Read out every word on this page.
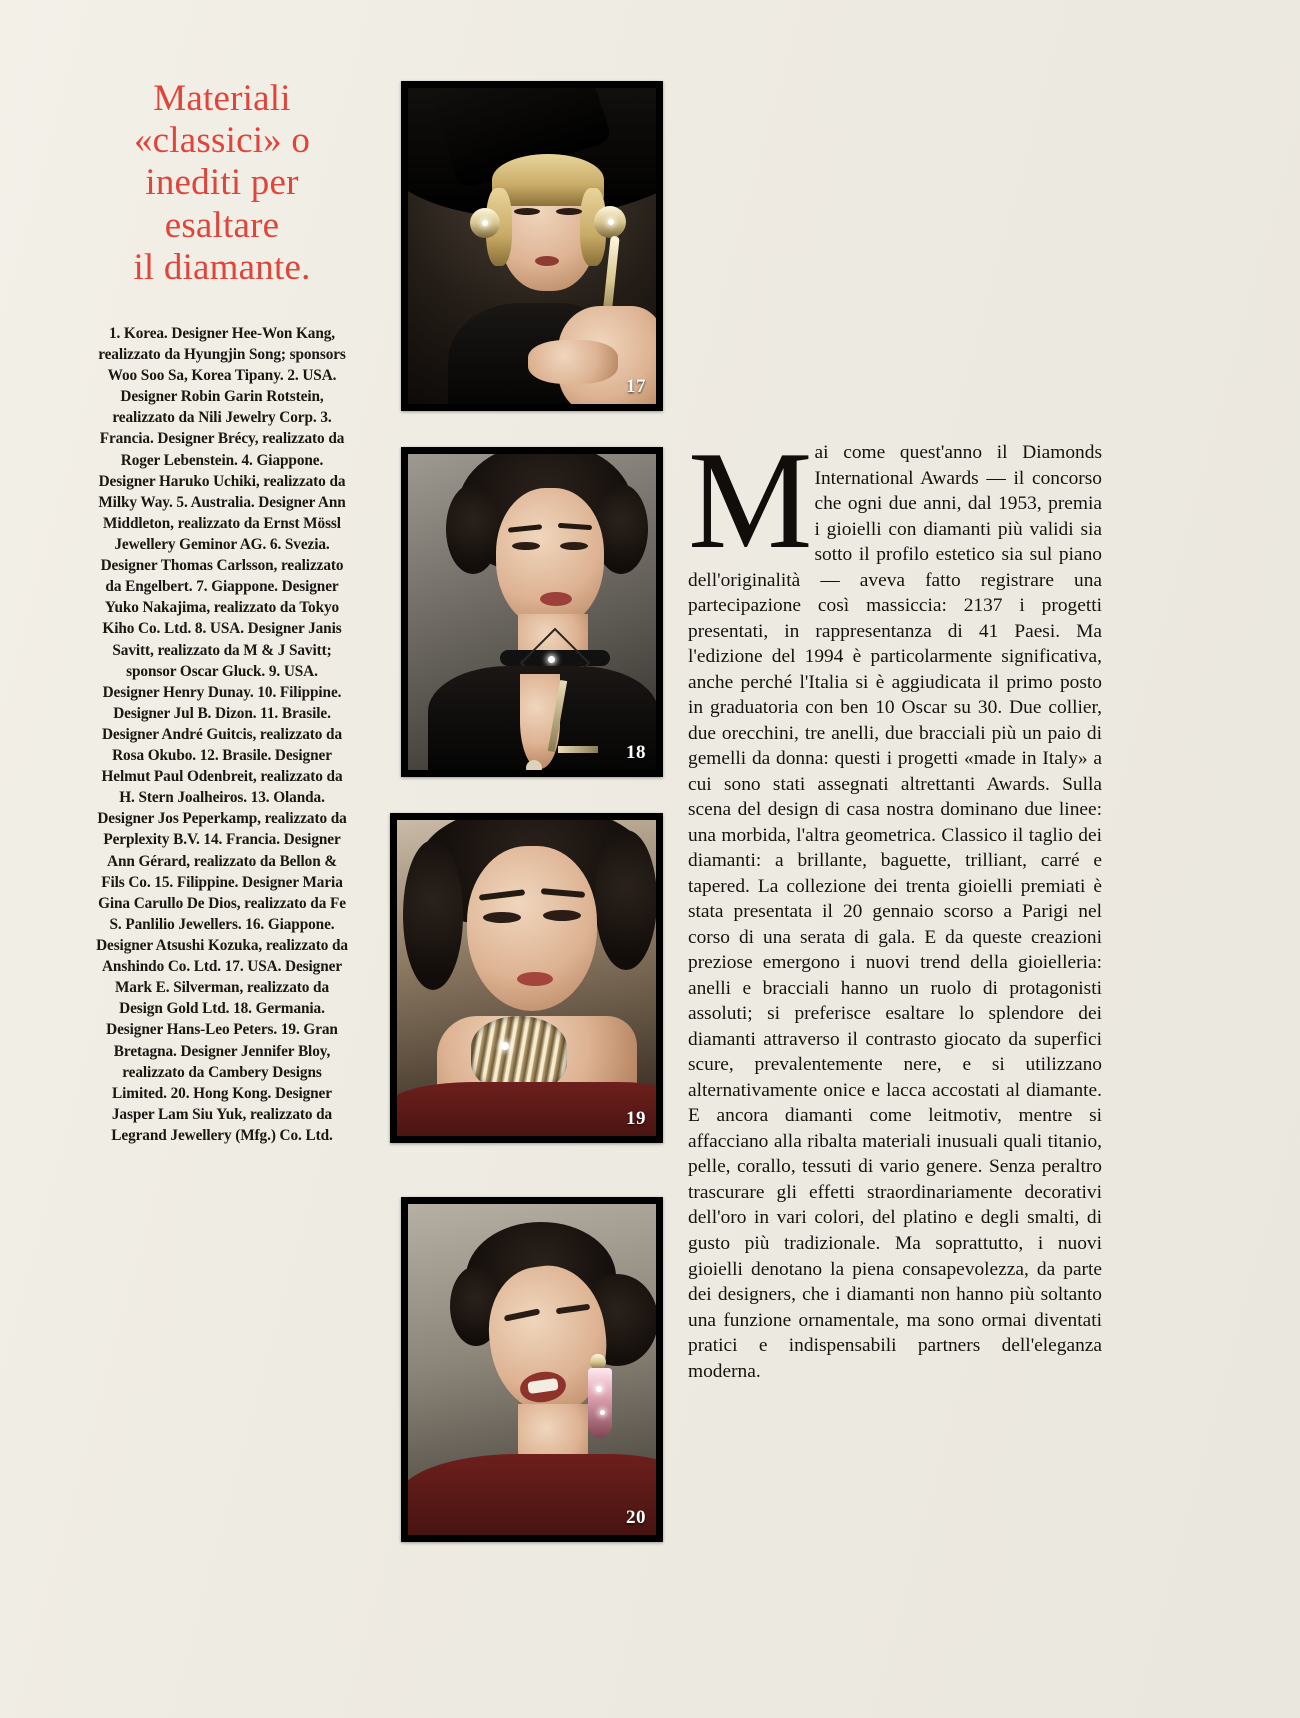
Materiali
«classici» o
inediti per
esaltare
il diamante.
1. Korea. Designer Hee-Won Kang, realizzato da Hyungjin Song; sponsors Woo Soo Sa, Korea Tipany. 2. USA. Designer Robin Garin Rotstein, realizzato da Nili Jewelry Corp. 3. Francia. Designer Brécy, realizzato da Roger Lebenstein. 4. Giappone. Designer Haruko Uchiki, realizzato da Milky Way. 5. Australia. Designer Ann Middleton, realizzato da Ernst Mössl Jewellery Geminor AG. 6. Svezia. Designer Thomas Carlsson, realizzato da Engelbert. 7. Giappone. Designer Yuko Nakajima, realizzato da Tokyo Kiho Co. Ltd. 8. USA. Designer Janis Savitt, realizzato da M & J Savitt; sponsor Oscar Gluck. 9. USA. Designer Henry Dunay. 10. Filippine. Designer Jul B. Dizon. 11. Brasile. Designer André Guitcis, realizzato da Rosa Okubo. 12. Brasile. Designer Helmut Paul Odenbreit, realizzato da H. Stern Joalheiros. 13. Olanda. Designer Jos Peperkamp, realizzato da Perplexity B.V. 14. Francia. Designer Ann Gérard, realizzato da Bellon & Fils Co. 15. Filippine. Designer Maria Gina Carullo De Dios, realizzato da Fe S. Panlilio Jewellers. 16. Giappone. Designer Atsushi Kozuka, realizzato da Anshindo Co. Ltd. 17. USA. Designer Mark E. Silverman, realizzato da Design Gold Ltd. 18. Germania. Designer Hans-Leo Peters. 19. Gran Bretagna. Designer Jennifer Bloy, realizzato da Cambery Designs Limited. 20. Hong Kong. Designer Jasper Lam Siu Yuk, realizzato da Legrand Jewellery (Mfg.) Co. Ltd.
17
18
19
20
M ai come quest'anno il Diamonds International Awards — il concorso che ogni due anni, dal 1953, premia i gioielli con diamanti più validi sia sotto il profilo estetico sia sul piano dell'originalità — aveva fatto registrare una partecipazione così massiccia: 2137 i progetti presentati, in rappresentanza di 41 Paesi. Ma l'edizione del 1994 è particolarmente significativa, anche perché l'Italia si è aggiudicata il primo posto in graduatoria con ben 10 Oscar su 30. Due collier, due orecchini, tre anelli, due bracciali più un paio di gemelli da donna: questi i progetti «made in Italy» a cui sono stati assegnati altrettanti Awards. Sulla scena del design di casa nostra dominano due linee: una morbida, l'altra geometrica. Classico il taglio dei diamanti: a brillante, baguette, trilliant, carré e tapered. La collezione dei trenta gioielli premiati è stata presentata il 20 gennaio scorso a Parigi nel corso di una serata di gala. E da queste creazioni preziose emergono i nuovi trend della gioielleria: anelli e bracciali hanno un ruolo di protagonisti assoluti; si preferisce esaltare lo splendore dei diamanti attraverso il contrasto giocato da superfici scure, prevalentemente nere, e si utilizzano alternativamente onice e lacca accostati al diamante. E ancora diamanti come leitmotiv, mentre si affacciano alla ribalta materiali inusuali quali titanio, pelle, corallo, tessuti di vario genere. Senza peraltro trascurare gli effetti straordinariamente decorativi dell'oro in vari colori, del platino e degli smalti, di gusto più tradizionale. Ma soprattutto, i nuovi gioielli denotano la piena consapevolezza, da parte dei designers, che i diamanti non hanno più soltanto una funzione ornamentale, ma sono ormai diventati pratici e indispensabili partners dell'eleganza moderna.
